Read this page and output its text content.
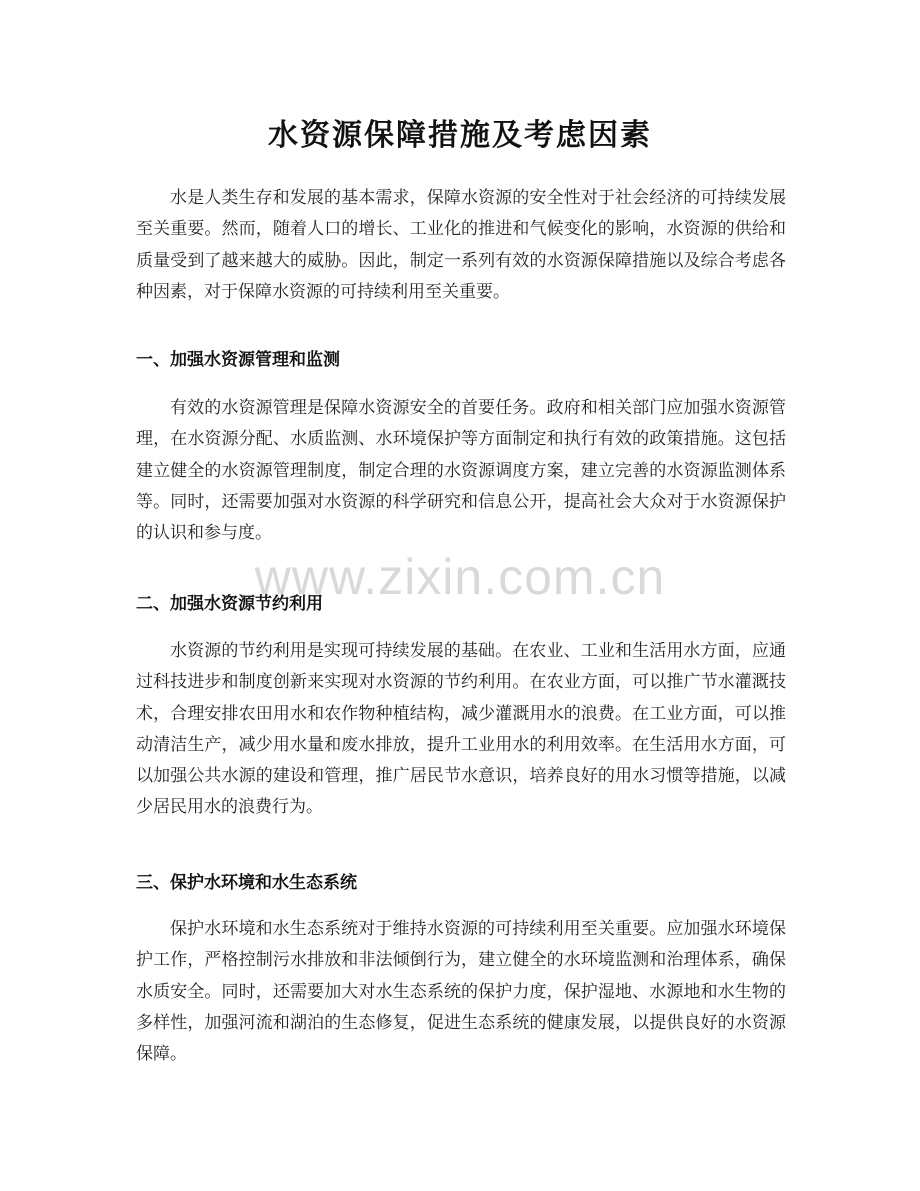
水资源保障措施及考虑因素

水是人类生存和发展的基本需求，保障水资源的安全性对于社会经济的可持续发展至关重要。然而，随着人口的增长、工业化的推进和气候变化的影响，水资源的供给和质量受到了越来越大的威胁。因此，制定一系列有效的水资源保障措施以及综合考虑各种因素，对于保障水资源的可持续利用至关重要。

一、加强水资源管理和监测

有效的水资源管理是保障水资源安全的首要任务。政府和相关部门应加强水资源管理，在水资源分配、水质监测、水环境保护等方面制定和执行有效的政策措施。这包括建立健全的水资源管理制度，制定合理的水资源调度方案，建立完善的水资源监测体系等。同时，还需要加强对水资源的科学研究和信息公开，提高社会大众对于水资源保护的认识和参与度。

二、加强水资源节约利用

水资源的节约利用是实现可持续发展的基础。在农业、工业和生活用水方面，应通过科技进步和制度创新来实现对水资源的节约利用。在农业方面，可以推广节水灌溉技术，合理安排农田用水和农作物种植结构，减少灌溉用水的浪费。在工业方面，可以推动清洁生产，减少用水量和废水排放，提升工业用水的利用效率。在生活用水方面，可以加强公共水源的建设和管理，推广居民节水意识，培养良好的用水习惯等措施，以减少居民用水的浪费行为。

三、保护水环境和水生态系统

保护水环境和水生态系统对于维持水资源的可持续利用至关重要。应加强水环境保护工作，严格控制污水排放和非法倾倒行为，建立健全的水环境监测和治理体系，确保水质安全。同时，还需要加大对水生态系统的保护力度，保护湿地、水源地和水生物的多样性，加强河流和湖泊的生态修复，促进生态系统的健康发展，以提供良好的水资源保障。

www.zixin.com.cn
